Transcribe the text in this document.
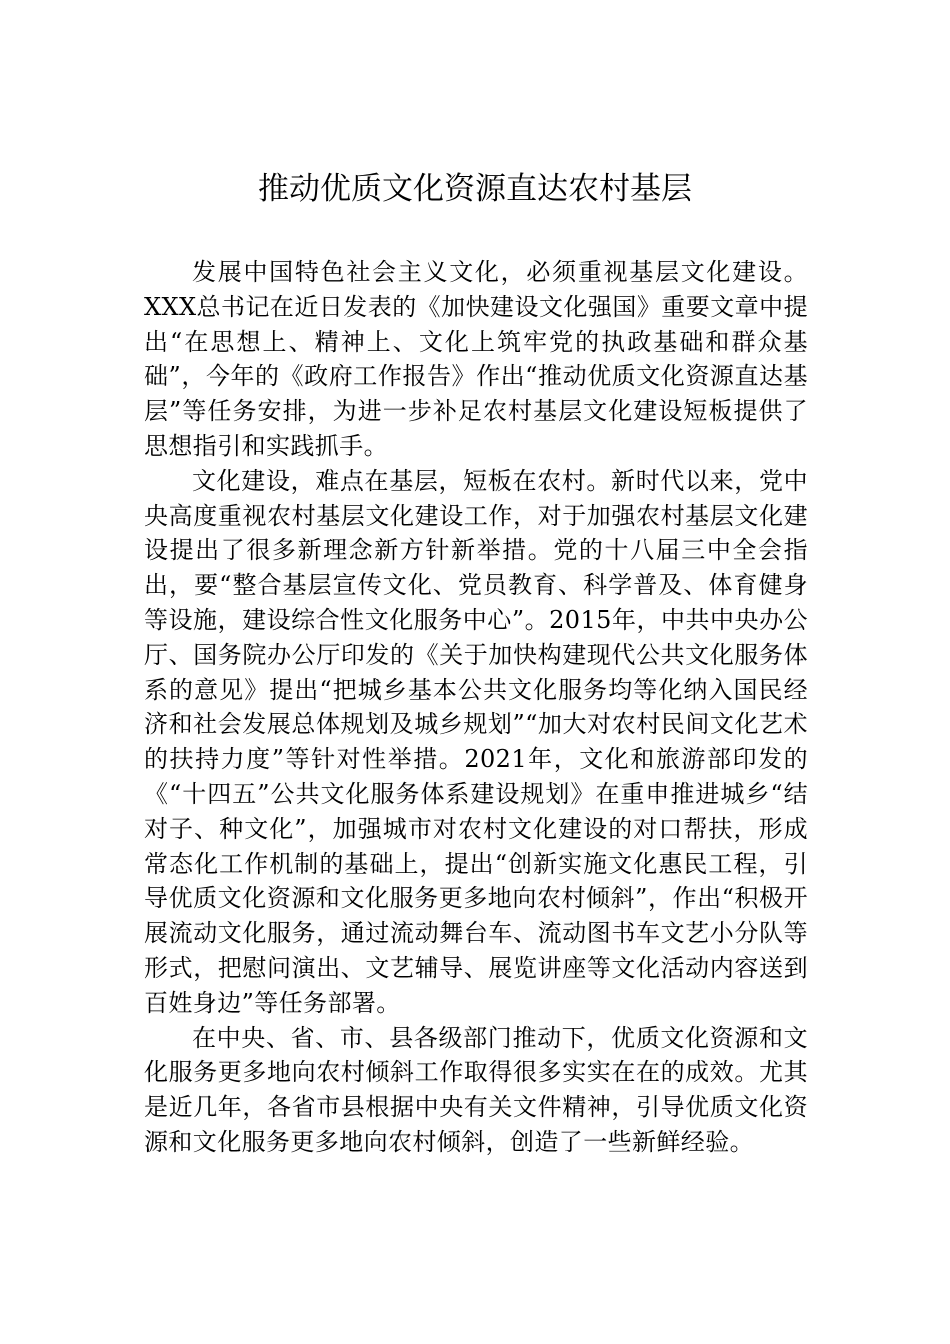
推动优质文化资源直达农村基层

发展中国特色社会主义文化，必须重视基层文化建设。XXX总书记在近日发表的《加快建设文化强国》重要文章中提出“在思想上、精神上、文化上筑牢党的执政基础和群众基础”，今年的《政府工作报告》作出“推动优质文化资源直达基层”等任务安排，为进一步补足农村基层文化建设短板提供了思想指引和实践抓手。

文化建设，难点在基层，短板在农村。新时代以来，党中央高度重视农村基层文化建设工作，对于加强农村基层文化建设提出了很多新理念新方针新举措。党的十八届三中全会指出，要“整合基层宣传文化、党员教育、科学普及、体育健身等设施，建设综合性文化服务中心”。2015年，中共中央办公厅、国务院办公厅印发的《关于加快构建现代公共文化服务体系的意见》提出“把城乡基本公共文化服务均等化纳入国民经济和社会发展总体规划及城乡规划”“加大对农村民间文化艺术的扶持力度”等针对性举措。2021年，文化和旅游部印发的《“十四五”公共文化服务体系建设规划》在重申推进城乡“结对子、种文化”，加强城市对农村文化建设的对口帮扶，形成常态化工作机制的基础上，提出“创新实施文化惠民工程，引导优质文化资源和文化服务更多地向农村倾斜”，作出“积极开展流动文化服务，通过流动舞台车、流动图书车文艺小分队等形式，把慰问演出、文艺辅导、展览讲座等文化活动内容送到百姓身边”等任务部署。

在中央、省、市、县各级部门推动下，优质文化资源和文化服务更多地向农村倾斜工作取得很多实实在在的成效。尤其是近几年，各省市县根据中央有关文件精神，引导优质文化资源和文化服务更多地向农村倾斜，创造了一些新鲜经验。
